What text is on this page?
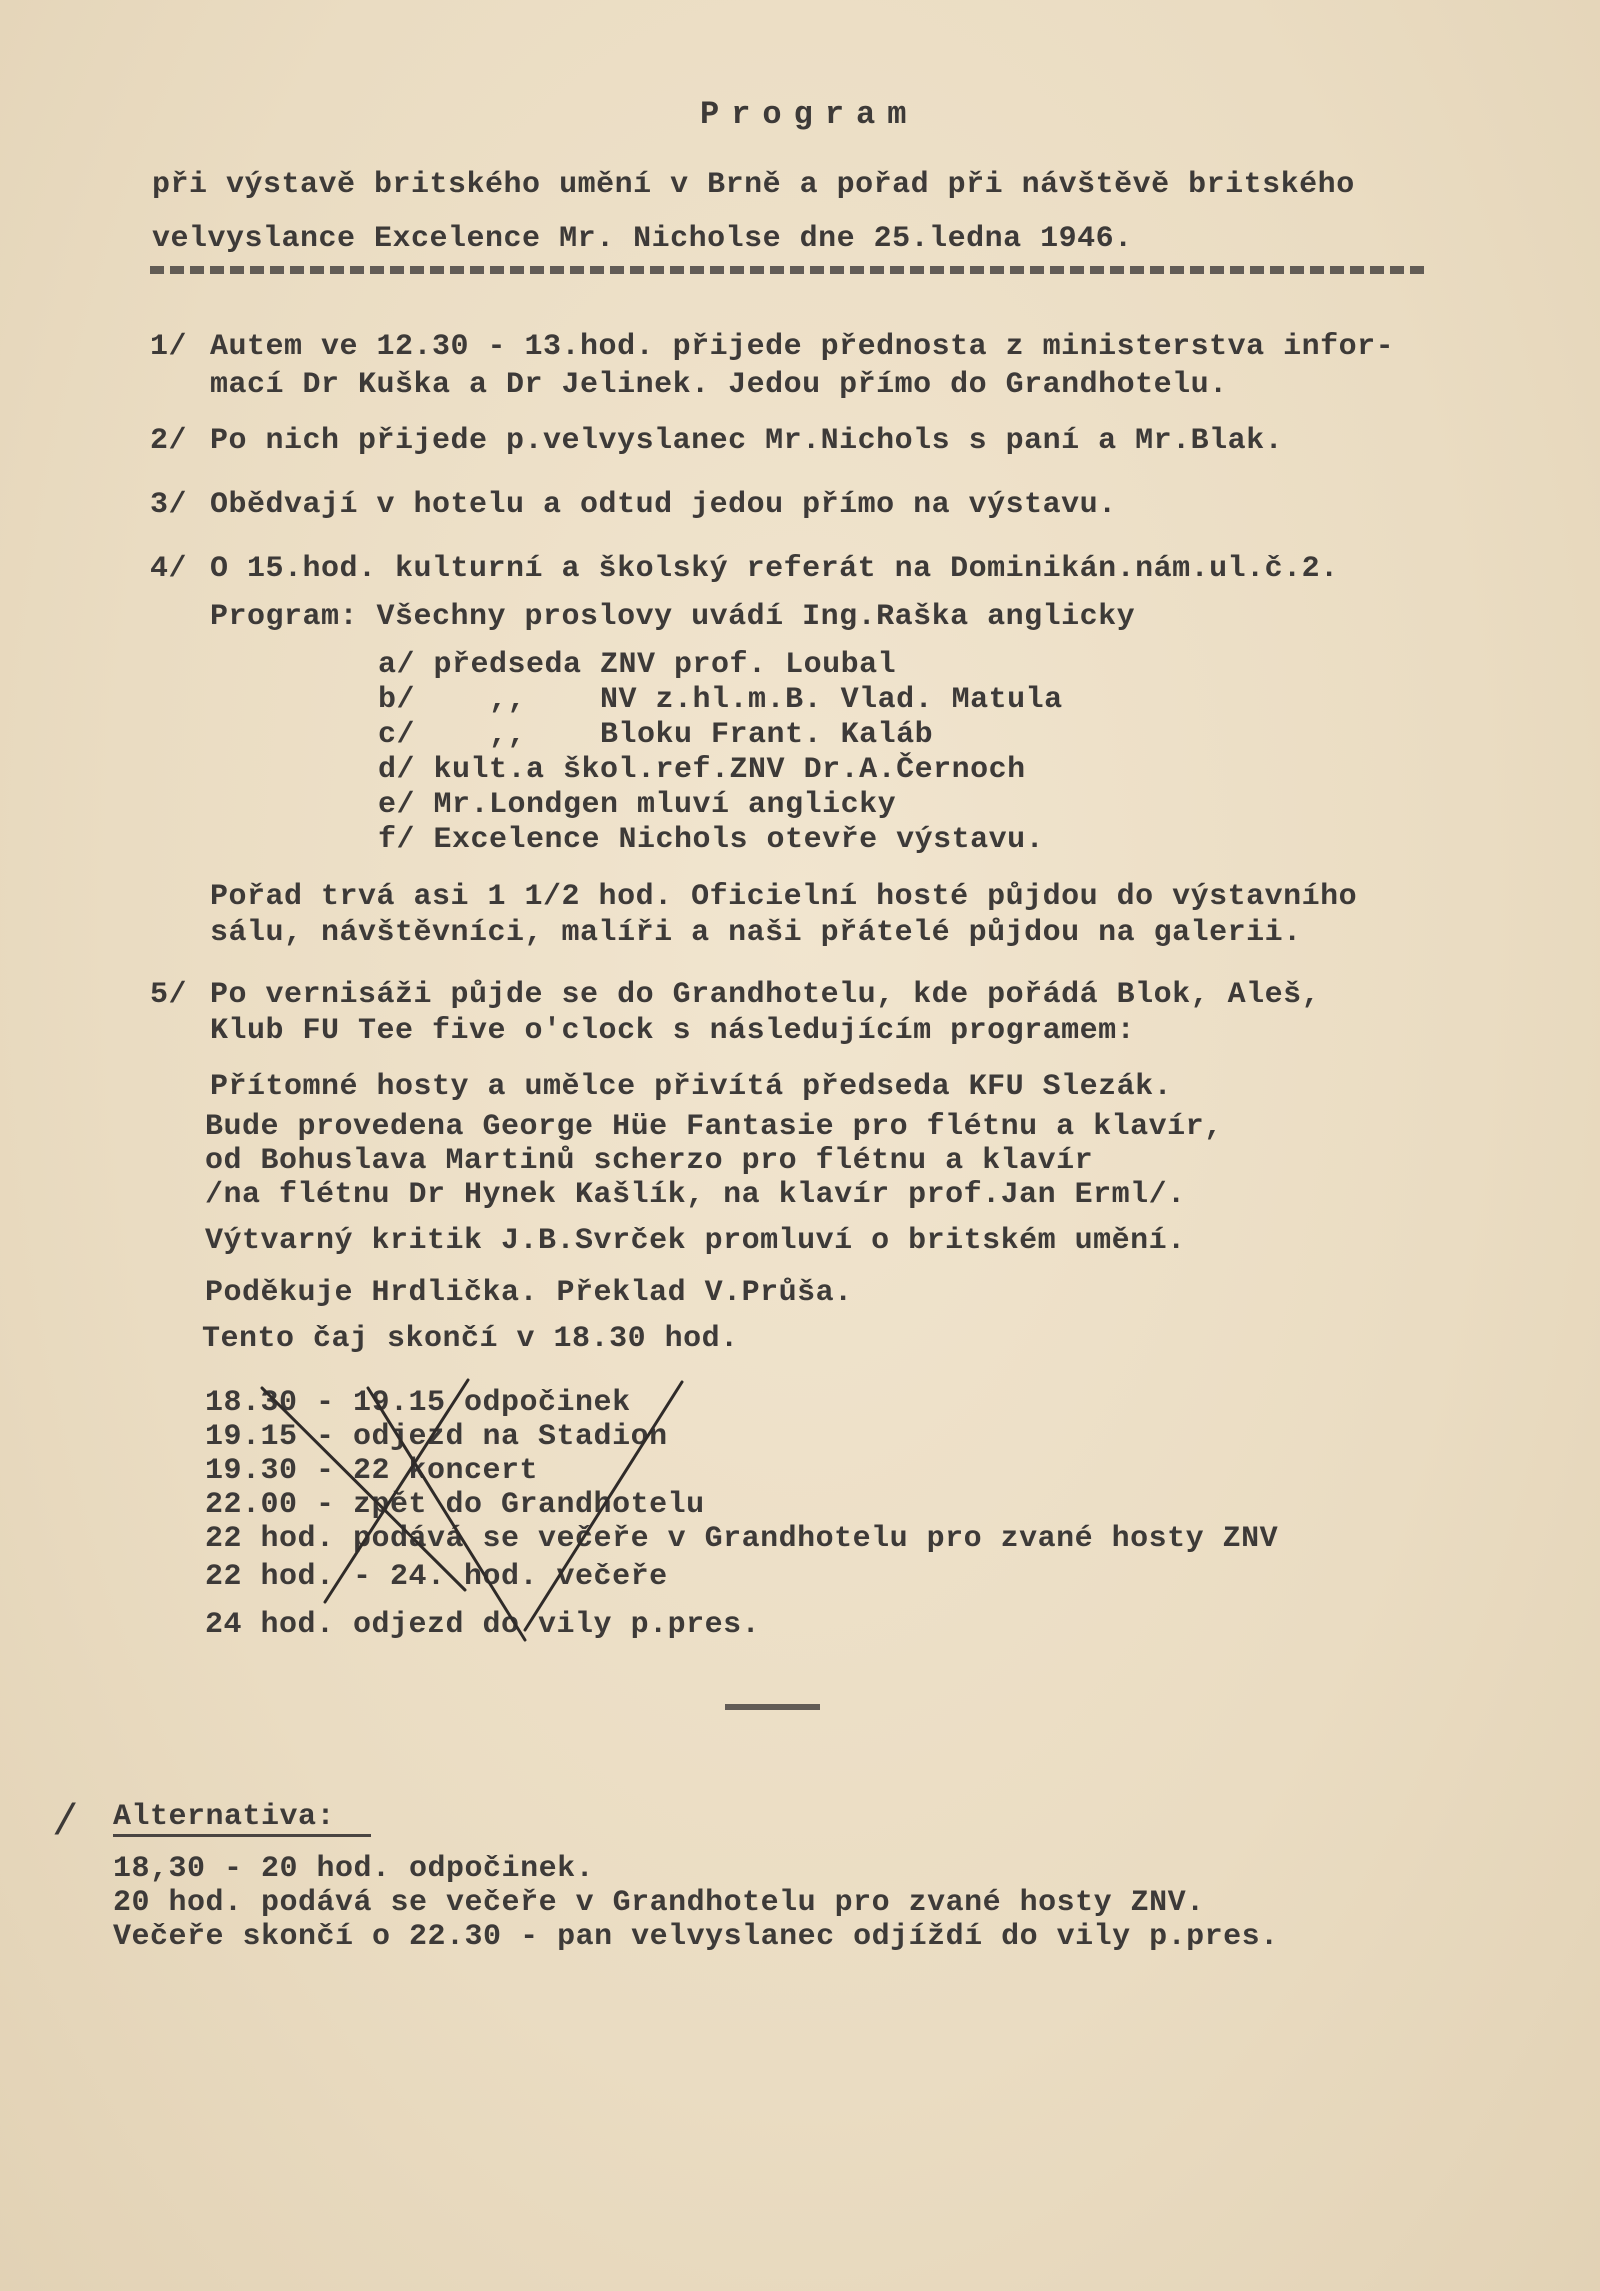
Program
při výstavě britského umění v Brně a pořad při návštěvě britského
velvyslance Excelence Mr. Nicholse dne 25.ledna 1946.
1/ Autem ve 12.30 - 13.hod. přijede přednosta z ministerstva infor-
mací Dr Kuška a Dr Jelinek. Jedou přímo do Grandhotelu.
2/ Po nich přijede p.velvyslanec Mr.Nichols s paní a Mr.Blak.
3/ Obědvají v hotelu a odtud jedou přímo na výstavu.
4/ O 15.hod. kulturní a školský referát na Dominikán.nám.ul.č.2.
Program: Všechny proslovy uvádí Ing.Raška anglicky
a/ předseda ZNV prof. Loubal
b/    ,,    NV z.hl.m.B. Vlad. Matula
c/    ,,    Bloku Frant. Kaláb
d/ kult.a škol.ref.ZNV Dr.A.Černoch
e/ Mr.Londgen mluví anglicky
f/ Excelence Nichols otevře výstavu.
Pořad trvá asi 1 1/2 hod. Oficielní hosté půjdou do výstavního
sálu, návštěvníci, malíři a naši přátelé půjdou na galerii.
5/ Po vernisáži půjde se do Grandhotelu, kde pořádá Blok, Aleš,
Klub FU Tee five o'clock s následujícím programem:
Přítomné hosty a umělce přivítá předseda KFU Slezák.
Bude provedena George Hüe Fantasie pro flétnu a klavír,
od Bohuslava Martinů scherzo pro flétnu a klavír
/na flétnu Dr Hynek Kašlík, na klavír prof.Jan Erml/.
Výtvarný kritik J.B.Svrček promluví o britském umění.
Poděkuje Hrdlička. Překlad V.Průša.
Tento čaj skončí v 18.30 hod.
18.30 - 19.15 odpočinek
19.15 - odjezd na Stadion
19.30 - 22 koncert
22.00 - zpět do Grandhotelu
22 hod. podává se večeře v Grandhotelu pro zvané hosty ZNV
22 hod. - 24. hod. večeře
24 hod. odjezd do vily p.pres.
/ Alternativa:
18,30 - 20 hod. odpočinek.
20 hod. podává se večeře v Grandhotelu pro zvané hosty ZNV.
Večeře skončí o 22.30 - pan velvyslanec odjíždí do vily p.pres.
